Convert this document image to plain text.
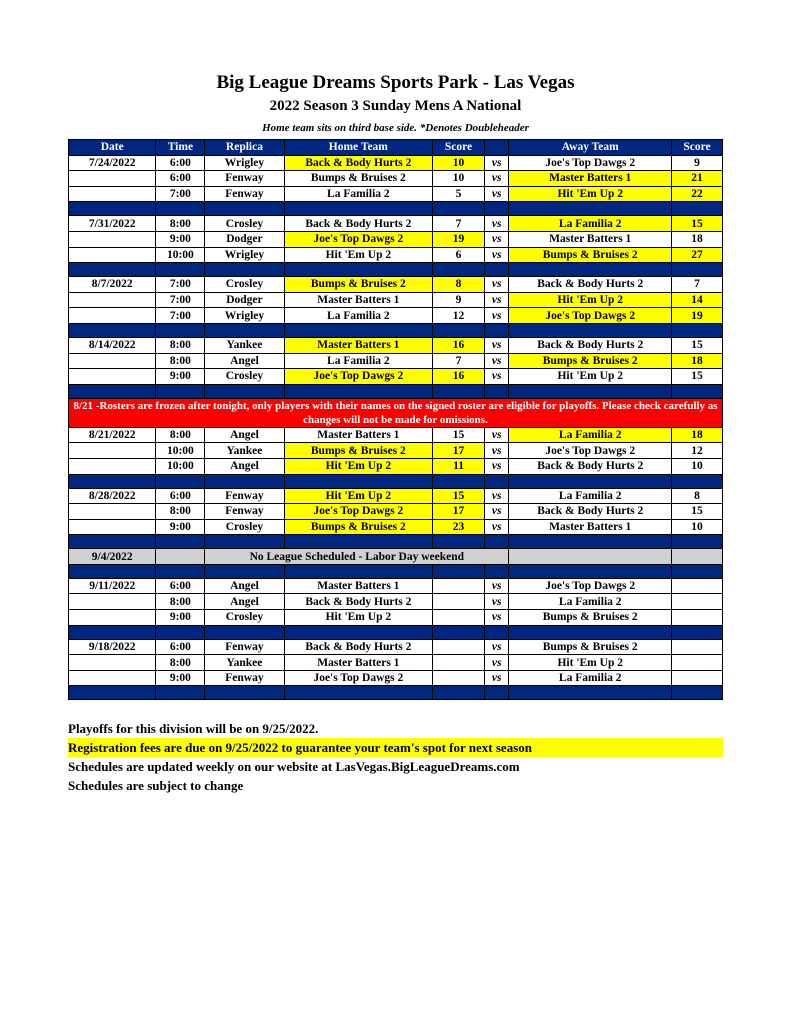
Big League Dreams Sports Park - Las Vegas
2022 Season 3 Sunday Mens A National
Home team sits on third base side. *Denotes Doubleheader
Date	Time	Replica	Home Team	Score		Away Team	Score
7/24/2022	6:00	Wrigley	Back & Body Hurts 2	10	vs	Joe's Top Dawgs 2	9
	6:00	Fenway	Bumps & Bruises 2	10	vs	Master Batters 1	21
	7:00	Fenway	La Familia 2	5	vs	Hit 'Em Up 2	22

7/31/2022	8:00	Crosley	Back & Body Hurts 2	7	vs	La Familia 2	15
	9:00	Dodger	Joe's Top Dawgs 2	19	vs	Master Batters 1	18
	10:00	Wrigley	Hit 'Em Up 2	6	vs	Bumps & Bruises 2	27

8/7/2022	7:00	Crosley	Bumps & Bruises 2	8	vs	Back & Body Hurts 2	7
	7:00	Dodger	Master Batters 1	9	vs	Hit 'Em Up 2	14
	7:00	Wrigley	La Familia 2	12	vs	Joe's Top Dawgs 2	19

8/14/2022	8:00	Yankee	Master Batters 1	16	vs	Back & Body Hurts 2	15
	8:00	Angel	La Familia 2	7	vs	Bumps & Bruises 2	18
	9:00	Crosley	Joe's Top Dawgs 2	16	vs	Hit 'Em Up 2	15

8/21 -Rosters are frozen after tonight, only players with their names on the signed roster are eligible for playoffs. Please check carefully as changes will not be made for omissions.							
8/21/2022	8:00	Angel	Master Batters 1	15	vs	La Familia 2	18
	10:00	Yankee	Bumps & Bruises 2	17	vs	Joe's Top Dawgs 2	12
	10:00	Angel	Hit 'Em Up 2	11	vs	Back & Body Hurts 2	10

8/28/2022	6:00	Fenway	Hit 'Em Up 2	15	vs	La Familia 2	8
	8:00	Fenway	Joe's Top Dawgs 2	17	vs	Back & Body Hurts 2	15
	9:00	Crosley	Bumps & Bruises 2	23	vs	Master Batters 1	10

9/4/2022		No League Scheduled - Labor Day weekend					

9/11/2022	6:00	Angel	Master Batters 1		vs	Joe's Top Dawgs 2	
	8:00	Angel	Back & Body Hurts 2		vs	La Familia 2	
	9:00	Crosley	Hit 'Em Up 2		vs	Bumps & Bruises 2	

9/18/2022	6:00	Fenway	Back & Body Hurts 2		vs	Bumps & Bruises 2	
	8:00	Yankee	Master Batters 1		vs	Hit 'Em Up 2	
	9:00	Fenway	Joe's Top Dawgs 2		vs	La Familia 2	

Playoffs for this division will be on 9/25/2022.
Registration fees are due on 9/25/2022 to guarantee your team's spot for next season
Schedules are updated weekly on our website at LasVegas.BigLeagueDreams.com
Schedules are subject to change
